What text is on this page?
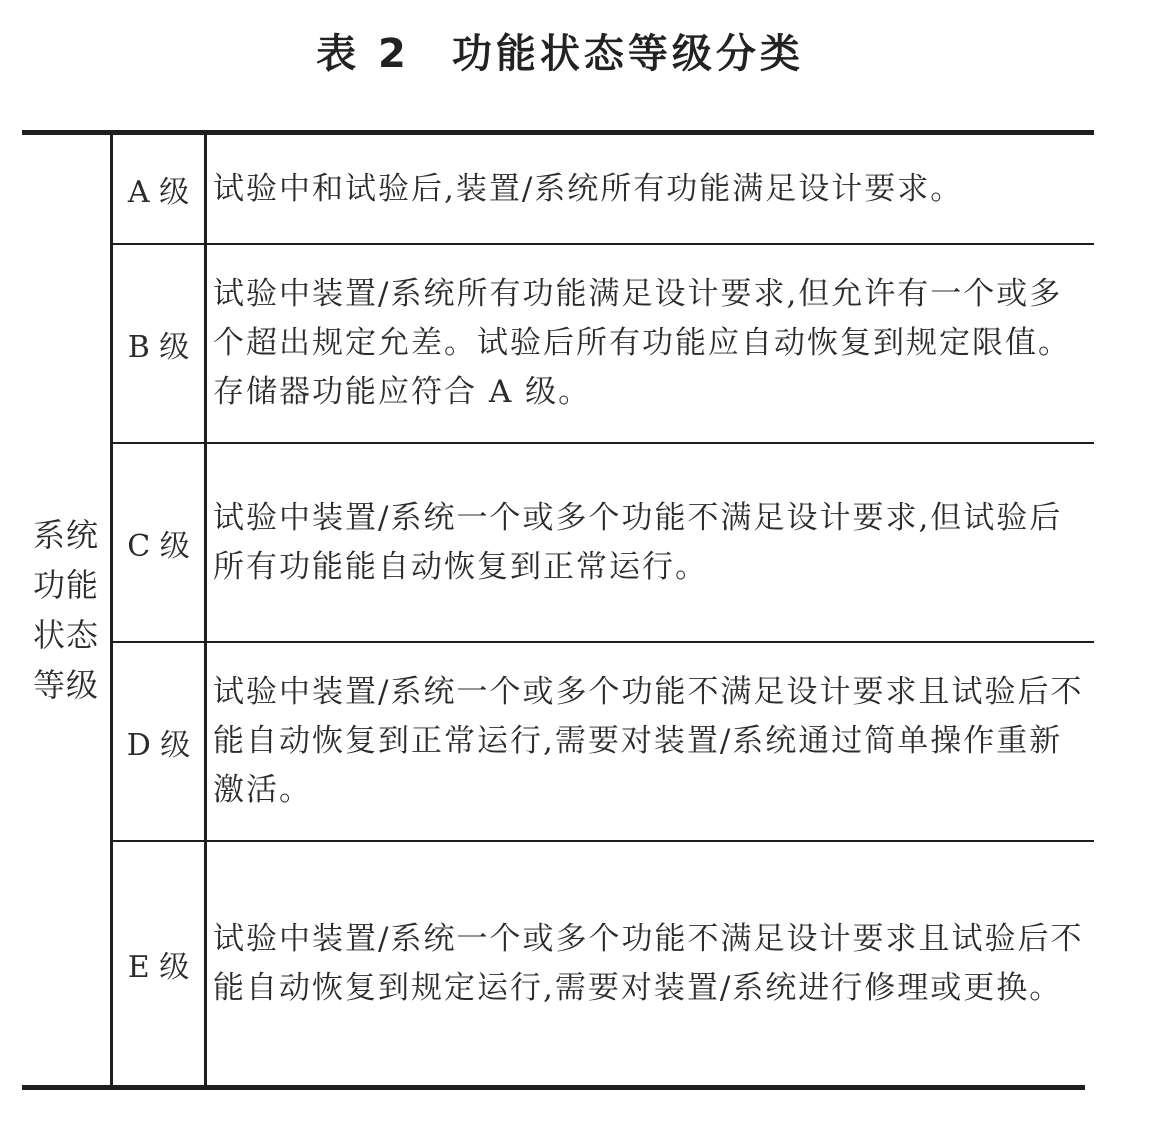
表 2 功能状态等级分类
系统功能状态等级
A 级 试验中和试验后,装置/系统所有功能满足设计要求。
B 级
试验中装置/系统所有功能满足设计要求,但允许有一个或多个超出规定允差。试验后所有功能应自动恢复到规定限值。存储器功能应符合 A 级。
C 级
试验中装置/系统一个或多个功能不满足设计要求,但试验后所有功能能自动恢复到正常运行。
D 级
试验中装置/系统一个或多个功能不满足设计要求且试验后不能自动恢复到正常运行,需要对装置/系统通过简单操作重新激活。
E 级
试验中装置/系统一个或多个功能不满足设计要求且试验后不能自动恢复到规定运行,需要对装置/系统进行修理或更换。
